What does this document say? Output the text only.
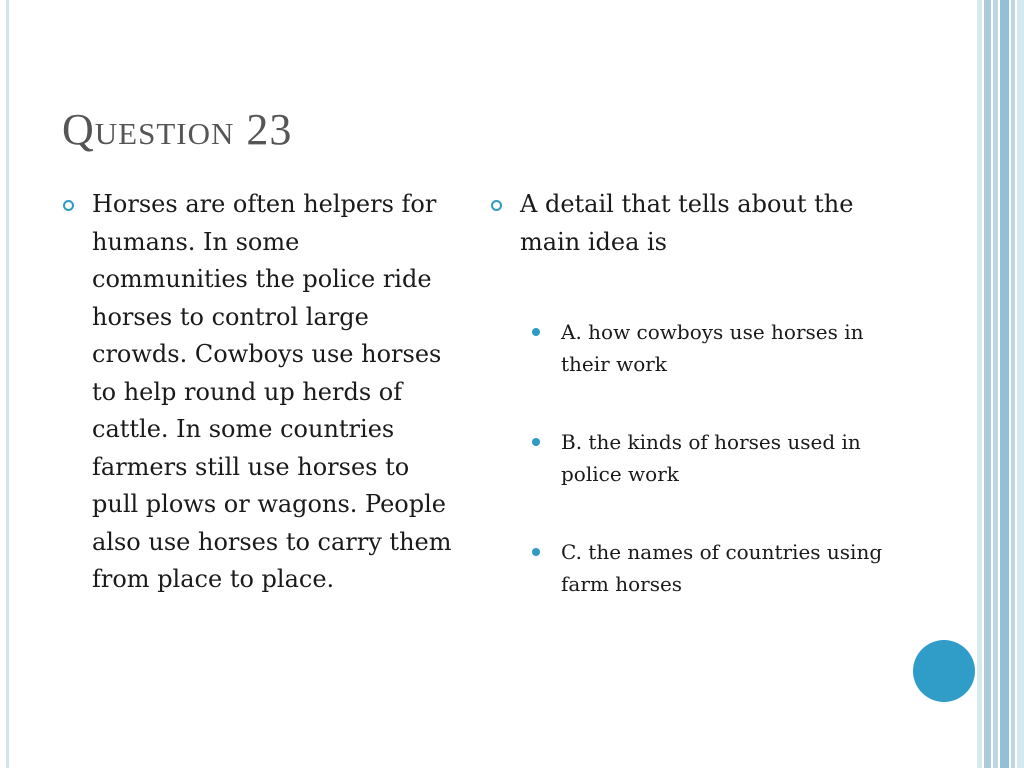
Question 23
Horses are often helpers for humans. In some communities the police ride horses to control large crowds. Cowboys use horses to help round up herds of cattle. In some countries farmers still use horses to pull plows or wagons. People also use horses to carry them from place to place.
A detail that tells about the main idea is
A. how cowboys use horses in their work
B. the kinds of horses used in police work
C. the names of countries using farm horses
